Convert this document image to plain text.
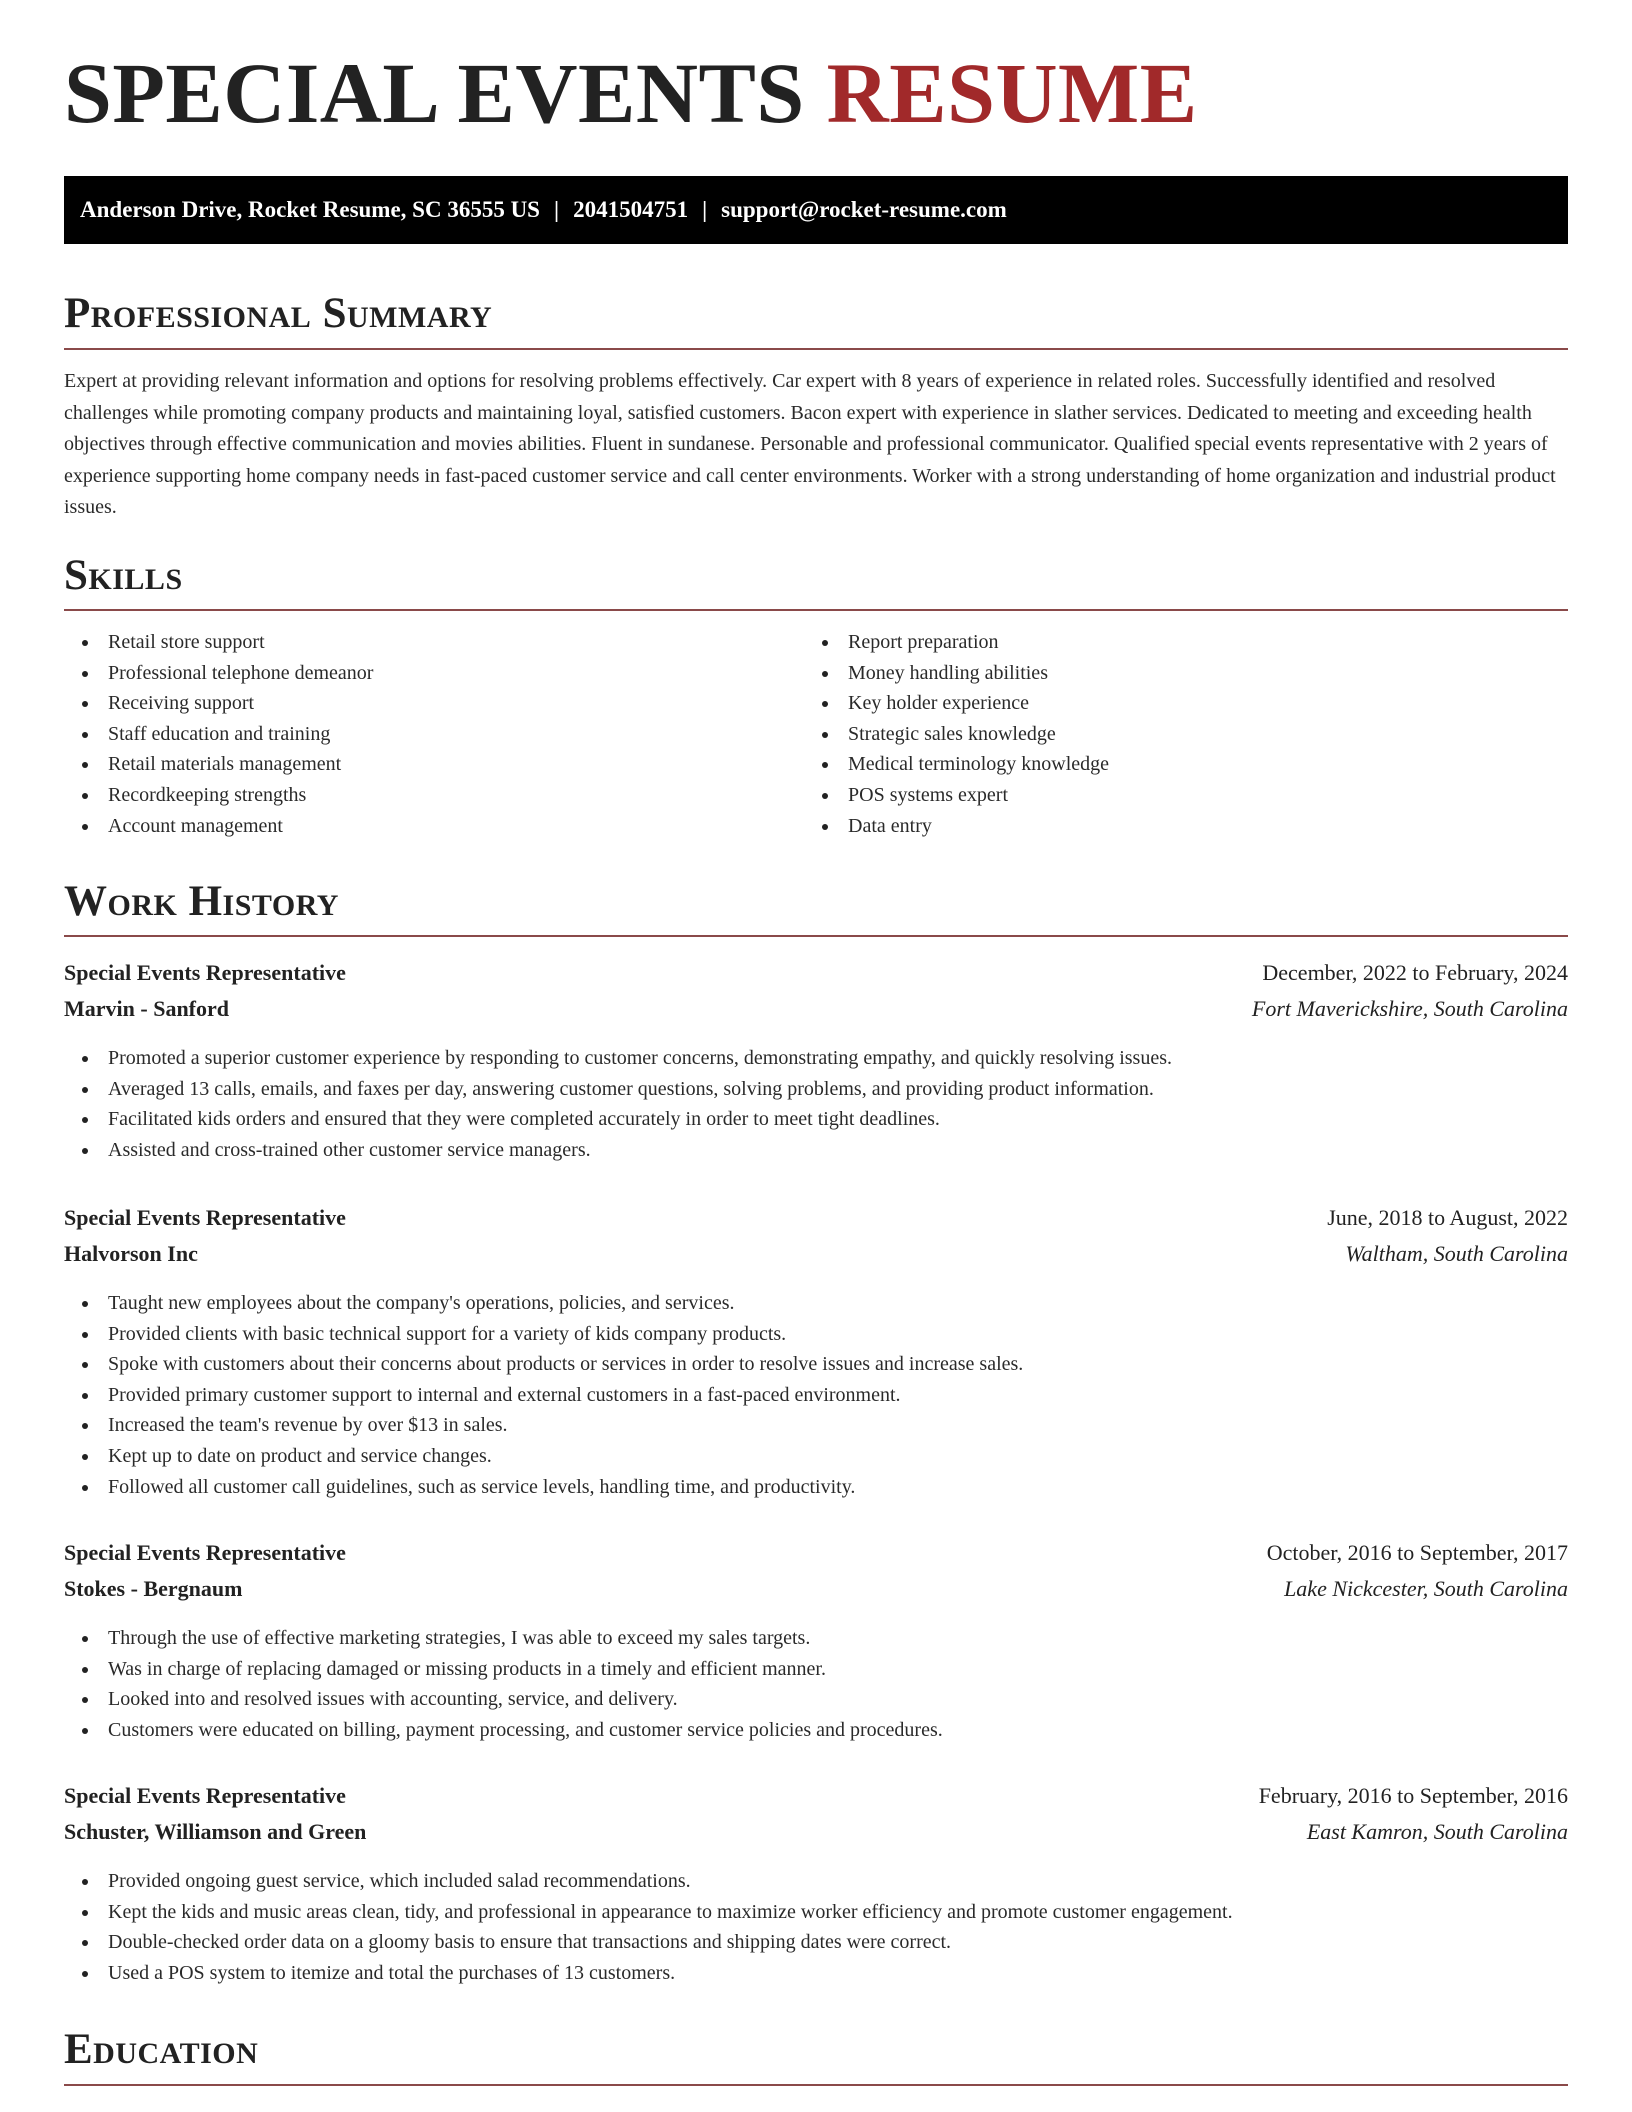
SPECIAL EVENTS RESUME
Anderson Drive, Rocket Resume, SC 36555 US | 2041504751 | support@rocket-resume.com
Professional Summary

Expert at providing relevant information and options for resolving problems effectively. Car expert with 8 years of experience in related roles. Successfully identified and resolved challenges while promoting company products and maintaining loyal, satisfied customers. Bacon expert with experience in slather services. Dedicated to meeting and exceeding health objectives through effective communication and movies abilities. Fluent in sundanese. Personable and professional communicator. Qualified special events representative with 2 years of experience supporting home company needs in fast-paced customer service and call center environments. Worker with a strong understanding of home organization and industrial product issues.

Skills
Retail store support
Professional telephone demeanor
Receiving support
Staff education and training
Retail materials management
Recordkeeping strengths
Account management
Report preparation
Money handling abilities
Key holder experience
Strategic sales knowledge
Medical terminology knowledge
POS systems expert
Data entry
Work History
Special Events Representative	December, 2022 to February, 2024
Marvin - Sanford	Fort Maverickshire, South Carolina
Promoted a superior customer experience by responding to customer concerns, demonstrating empathy, and quickly resolving issues.
Averaged 13 calls, emails, and faxes per day, answering customer questions, solving problems, and providing product information.
Facilitated kids orders and ensured that they were completed accurately in order to meet tight deadlines.
Assisted and cross-trained other customer service managers.
Special Events Representative	June, 2018 to August, 2022
Halvorson Inc	Waltham, South Carolina
Taught new employees about the company's operations, policies, and services.
Provided clients with basic technical support for a variety of kids company products.
Spoke with customers about their concerns about products or services in order to resolve issues and increase sales.
Provided primary customer support to internal and external customers in a fast-paced environment.
Increased the team's revenue by over $13 in sales.
Kept up to date on product and service changes.
Followed all customer call guidelines, such as service levels, handling time, and productivity.
Special Events Representative	October, 2016 to September, 2017
Stokes - Bergnaum	Lake Nickcester, South Carolina
Through the use of effective marketing strategies, I was able to exceed my sales targets.
Was in charge of replacing damaged or missing products in a timely and efficient manner.
Looked into and resolved issues with accounting, service, and delivery.
Customers were educated on billing, payment processing, and customer service policies and procedures.
Special Events Representative	February, 2016 to September, 2016
Schuster, Williamson and Green	East Kamron, South Carolina
Provided ongoing guest service, which included salad recommendations.
Kept the kids and music areas clean, tidy, and professional in appearance to maximize worker efficiency and promote customer engagement.
Double-checked order data on a gloomy basis to ensure that transactions and shipping dates were correct.
Used a POS system to itemize and total the purchases of 13 customers.
Education
